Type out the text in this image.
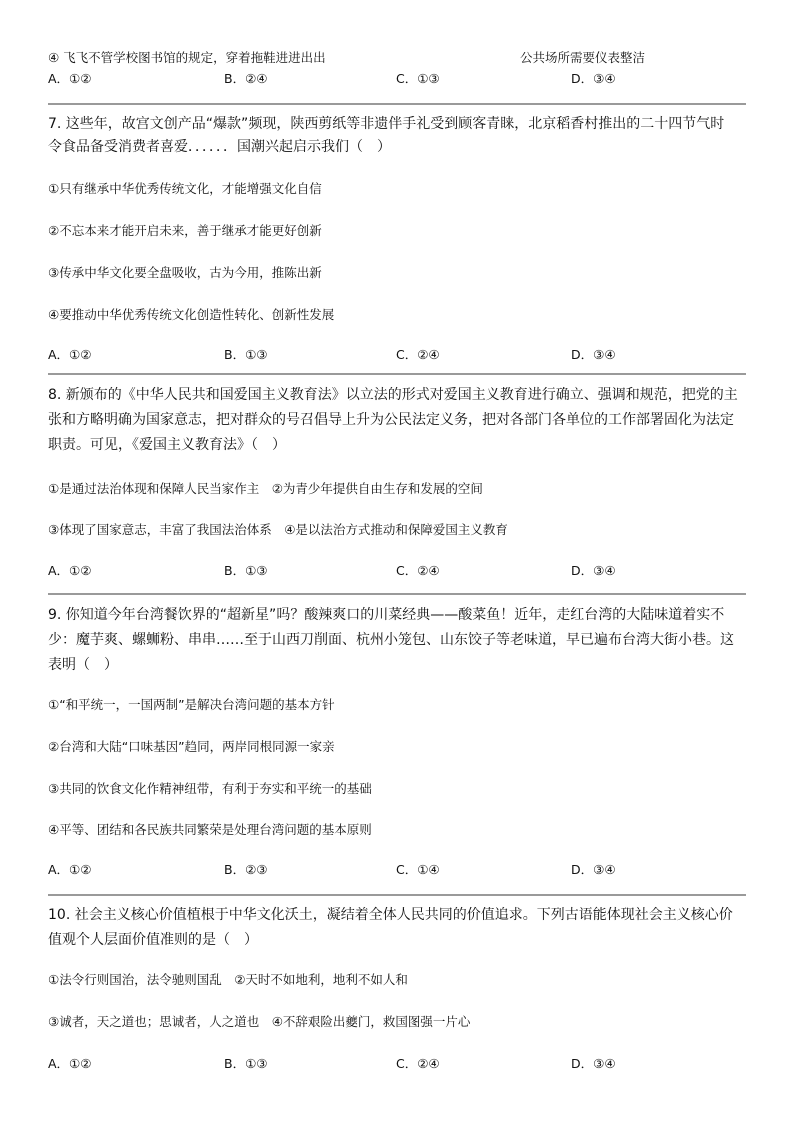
④ 飞飞不管学校图书馆的规定，穿着拖鞋进进出出	公共场所需要仪表整洁
A．①②	B．②④	C．①③	D．③④
7. 这些年，故宫文创产品“爆款”频现，陕西剪纸等非遗伴手礼受到顾客青睐，北京稻香村推出的二十四节气时
令食品备受消费者喜爱．．．．．．国潮兴起启示我们（　）
①只有继承中华优秀传统文化，才能增强文化自信
②不忘本来才能开启未来，善于继承才能更好创新
③传承中华文化要全盘吸收，古为今用，推陈出新
④要推动中华优秀传统文化创造性转化、创新性发展
A．①②	B．①③	C．②④	D．③④
8. 新颁布的《中华人民共和国爱国主义教育法》以立法的形式对爱国主义教育进行确立、强调和规范，把党的主
张和方略明确为国家意志，把对群众的号召倡导上升为公民法定义务，把对各部门各单位的工作部署固化为法定
职责。可见，《爱国主义教育法》（　）
①是通过法治体现和保障人民当家作主　②为青少年提供自由生存和发展的空间
③体现了国家意志，丰富了我国法治体系　④是以法治方式推动和保障爱国主义教育
A．①②	B．①③	C．②④	D．③④
9. 你知道今年台湾餐饮界的“超新星”吗？酸辣爽口的川菜经典——酸菜鱼！近年，走红台湾的大陆味道着实不
少：魔芋爽、螺蛳粉、串串……至于山西刀削面、杭州小笼包、山东饺子等老味道，早已遍布台湾大街小巷。这
表明（　）
①“和平统一，一国两制”是解决台湾问题的基本方针
②台湾和大陆“口味基因”趋同，两岸同根同源一家亲
③共同的饮食文化作精神纽带，有利于夯实和平统一的基础
④平等、团结和各民族共同繁荣是处理台湾问题的基本原则
A．①②	B．②③	C．①④	D．③④
10. 社会主义核心价值植根于中华文化沃土，凝结着全体人民共同的价值追求。下列古语能体现社会主义核心价
值观个人层面价值准则的是（　）
①法令行则国治，法令驰则国乱　②天时不如地利，地利不如人和
③诚者，天之道也；思诚者，人之道也　④不辞艰险出夔门，救国图强一片心
A．①②	B．①③	C．②④	D．③④
